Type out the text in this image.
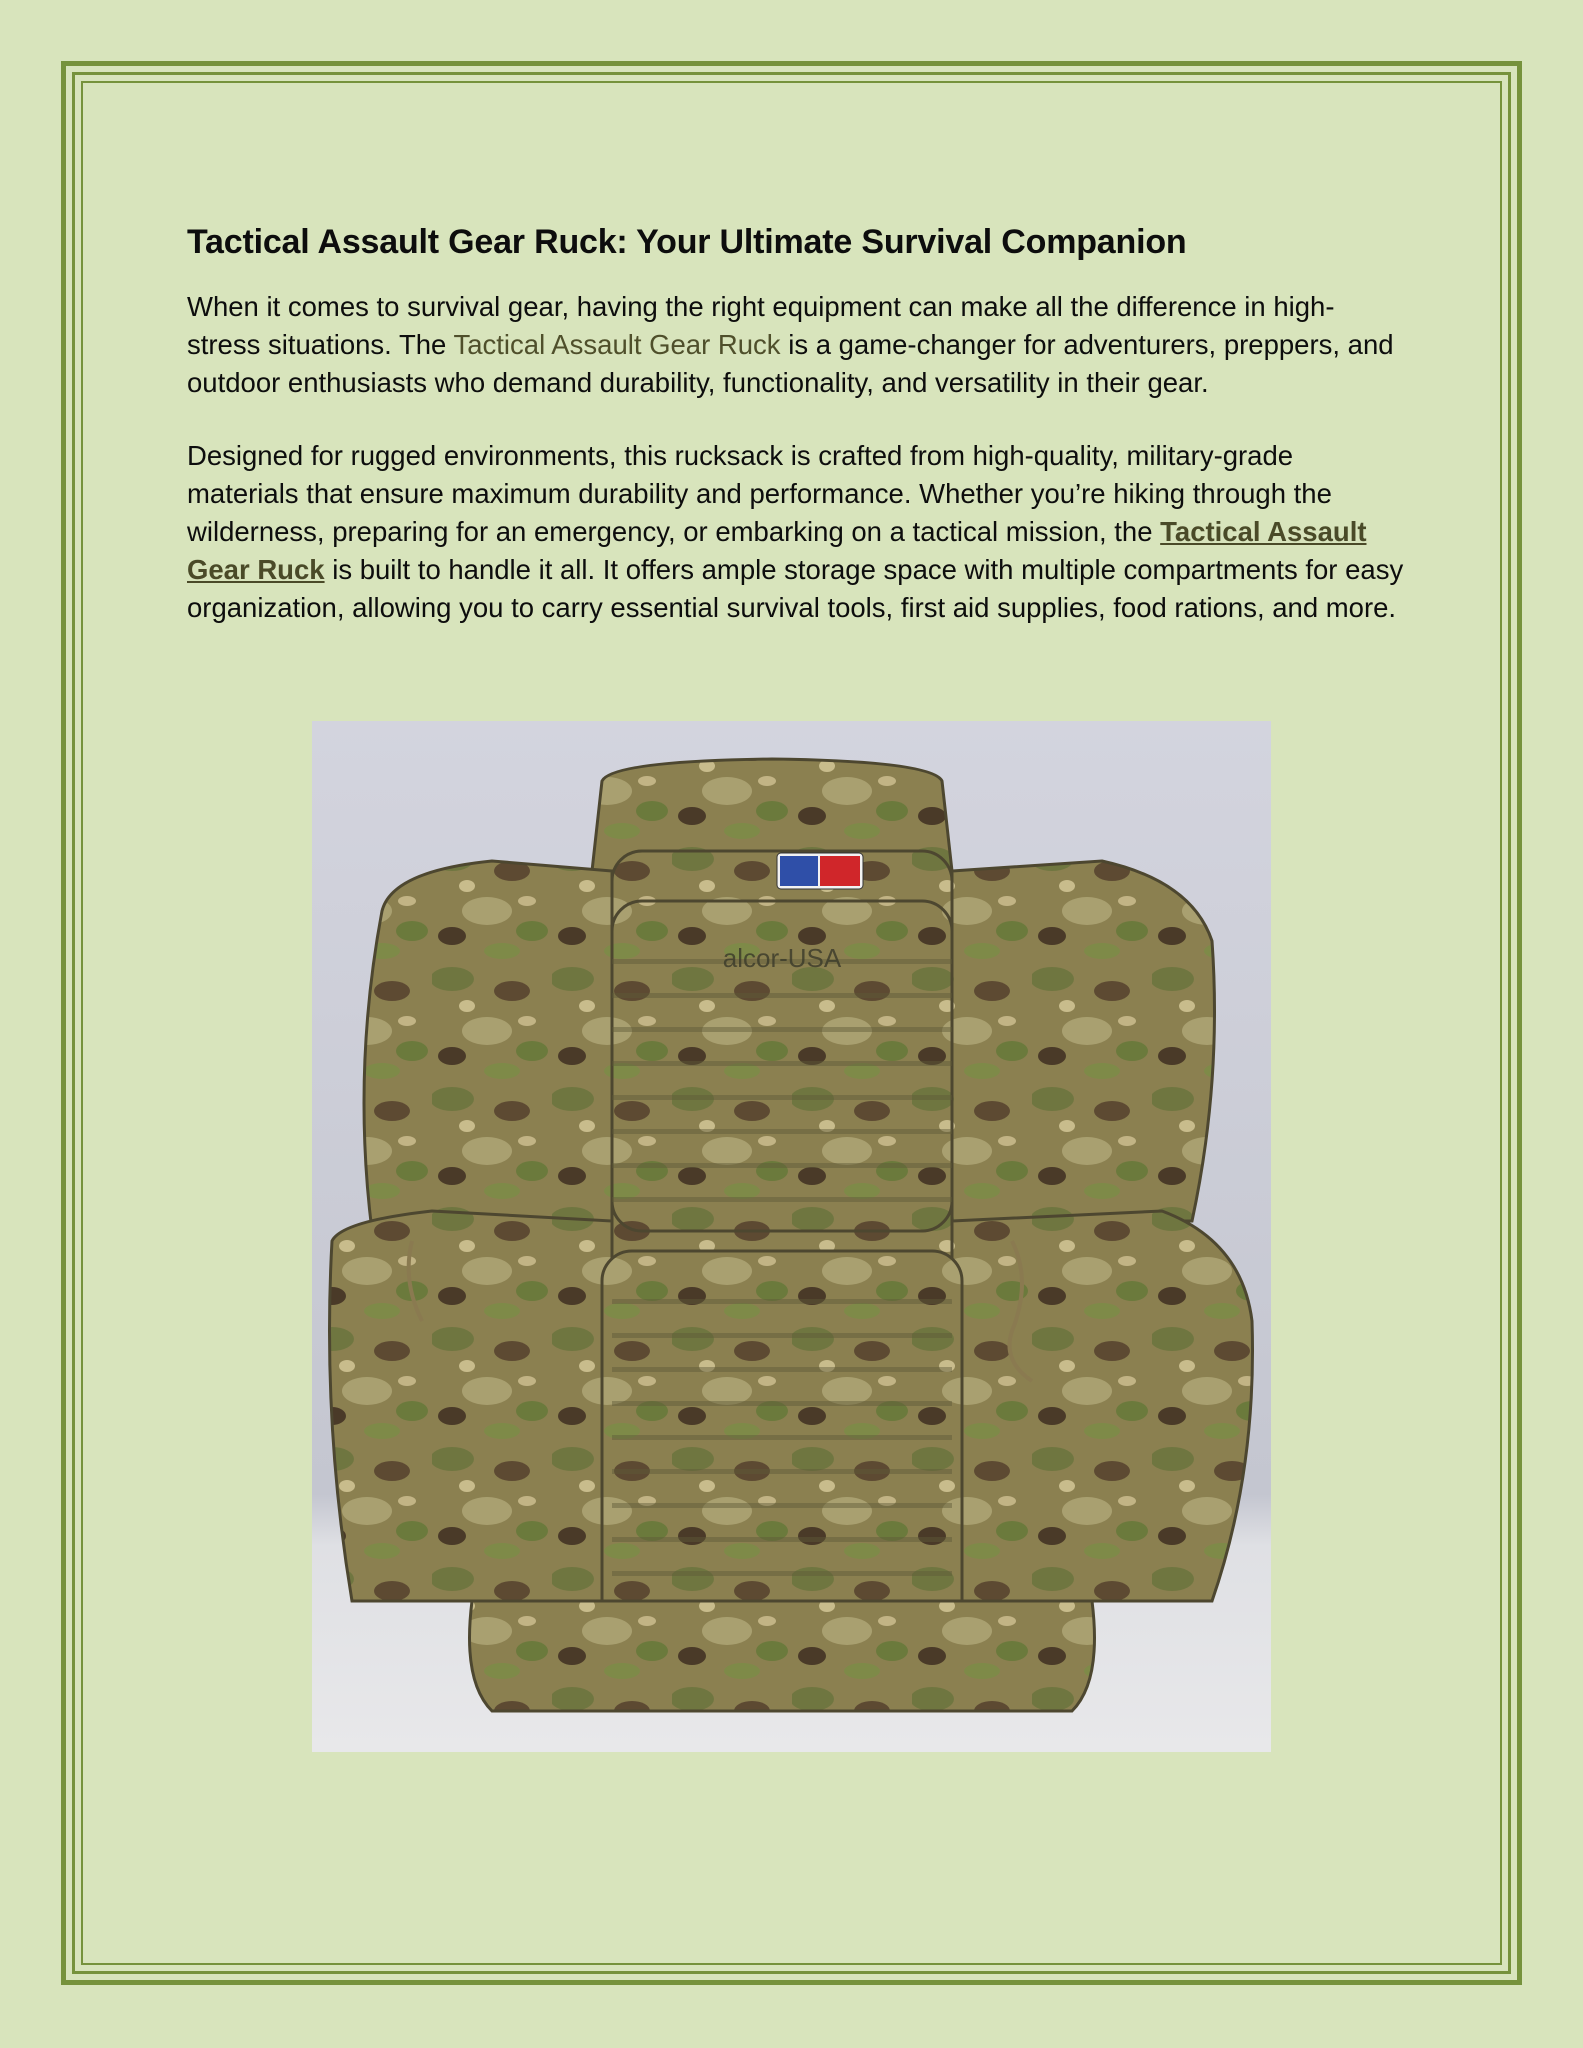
Tactical Assault Gear Ruck: Your Ultimate Survival Companion

When it comes to survival gear, having the right equipment can make all the difference in high-stress situations. The Tactical Assault Gear Ruck is a game-changer for adventurers, preppers, and outdoor enthusiasts who demand durability, functionality, and versatility in their gear.

Designed for rugged environments, this rucksack is crafted from high-quality, military-grade materials that ensure maximum durability and performance. Whether you’re hiking through the wilderness, preparing for an emergency, or embarking on a tactical mission, the Tactical Assault Gear Ruck is built to handle it all. It offers ample storage space with multiple compartments for easy organization, allowing you to carry essential survival tools, first aid supplies, food rations, and more.

alcor-USA
